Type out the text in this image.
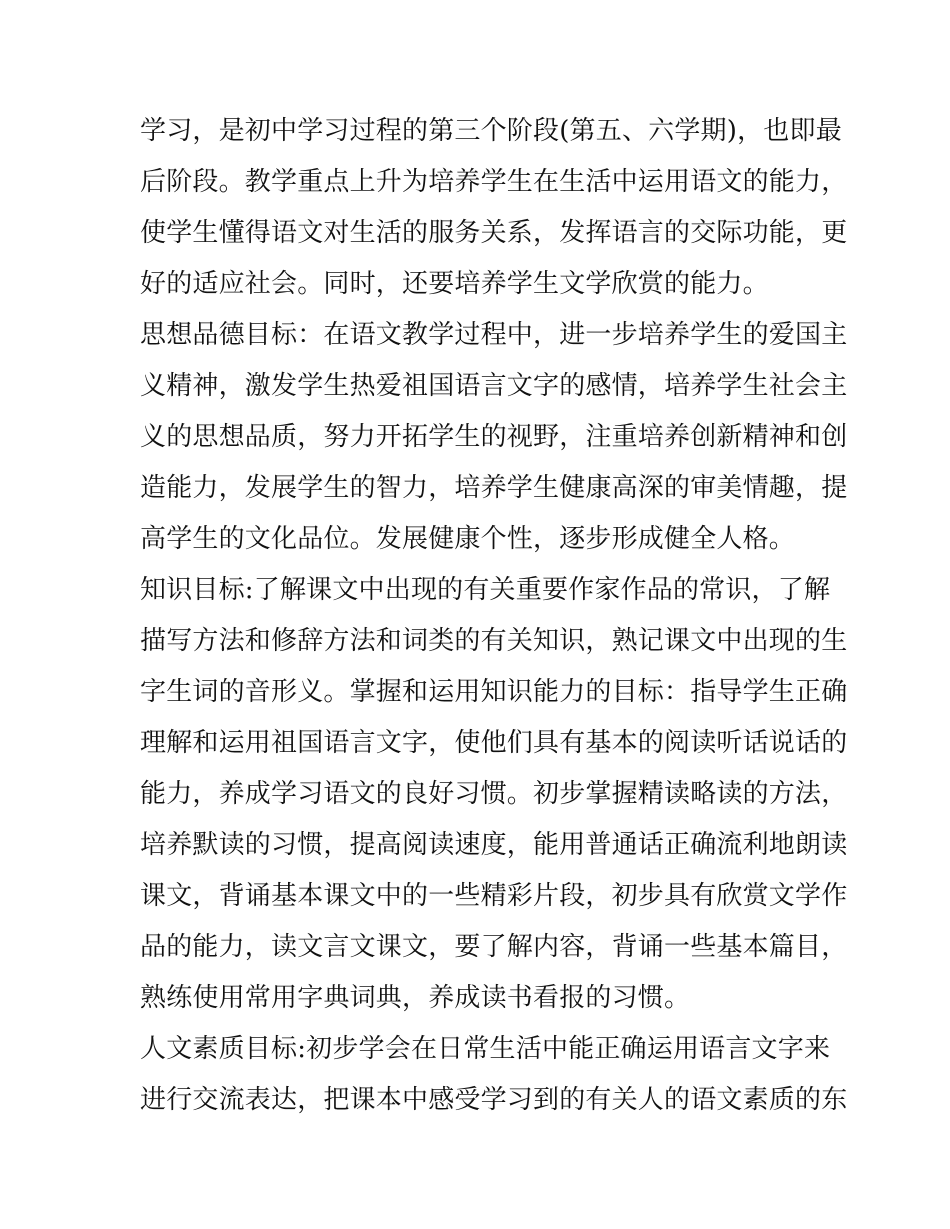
学习，是初中学习过程的第三个阶段(第五、六学期)，也即最
后阶段。教学重点上升为培养学生在生活中运用语文的能力，
使学生懂得语文对生活的服务关系，发挥语言的交际功能，更
好的适应社会。同时，还要培养学生文学欣赏的能力。
思想品德目标：在语文教学过程中，进一步培养学生的爱国主
义精神，激发学生热爱祖国语言文字的感情，培养学生社会主
义的思想品质，努力开拓学生的视野，注重培养创新精神和创
造能力，发展学生的智力，培养学生健康高深的审美情趣，提
高学生的文化品位。发展健康个性，逐步形成健全人格。
知识目标:了解课文中出现的有关重要作家作品的常识，了解
描写方法和修辞方法和词类的有关知识，熟记课文中出现的生
字生词的音形义。掌握和运用知识能力的目标：指导学生正确
理解和运用祖国语言文字，使他们具有基本的阅读听话说话的
能力，养成学习语文的良好习惯。初步掌握精读略读的方法，
培养默读的习惯，提高阅读速度，能用普通话正确流利地朗读
课文，背诵基本课文中的一些精彩片段，初步具有欣赏文学作
品的能力，读文言文课文，要了解内容，背诵一些基本篇目，
熟练使用常用字典词典，养成读书看报的习惯。
人文素质目标:初步学会在日常生活中能正确运用语言文字来
进行交流表达，把课本中感受学习到的有关人的语文素质的东
